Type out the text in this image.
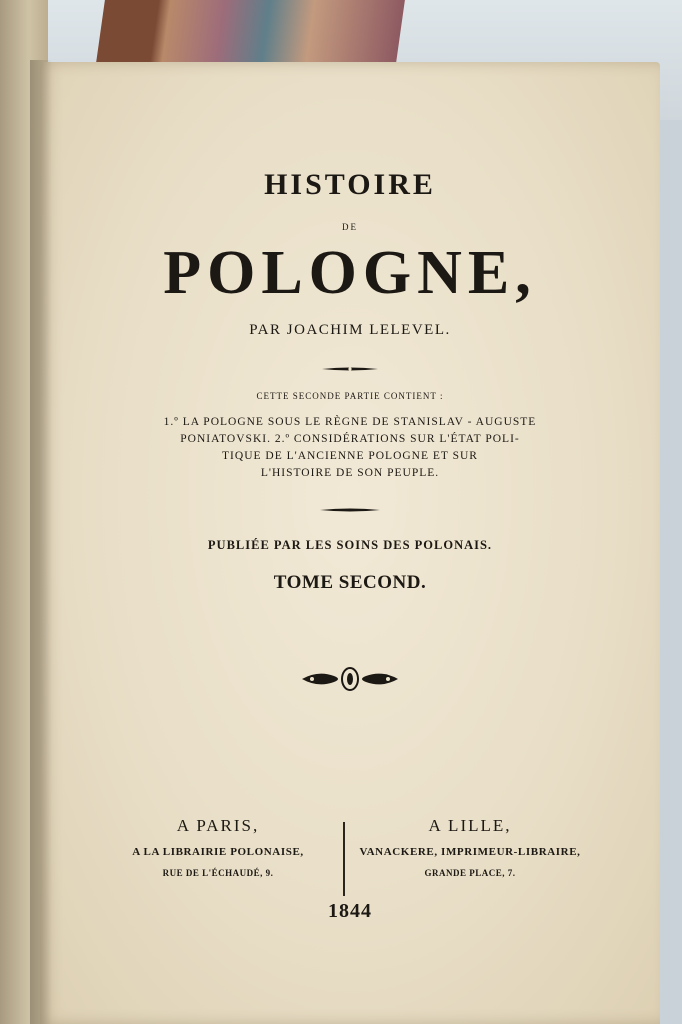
HISTOIRE
DE
POLOGNE,
PAR JOACHIM LELEVEL.
CETTE SECONDE PARTIE CONTIENT :
1.º LA POLOGNE SOUS LE RÈGNE DE STANISLAV - AUGUSTE
PONIATOVSKI. 2.º CONSIDÉRATIONS SUR L'ÉTAT POLI-
TIQUE DE L'ANCIENNE POLOGNE ET SUR
L'HISTOIRE DE SON PEUPLE.
PUBLIÉE PAR LES SOINS DES POLONAIS.
TOME SECOND.
A PARIS,
A LA LIBRAIRIE POLONAISE,
RUE DE L'ÉCHAUDÉ, 9.
A LILLE,
VANACKERE, IMPRIMEUR-LIBRAIRE,
GRANDE PLACE, 7.
1844
